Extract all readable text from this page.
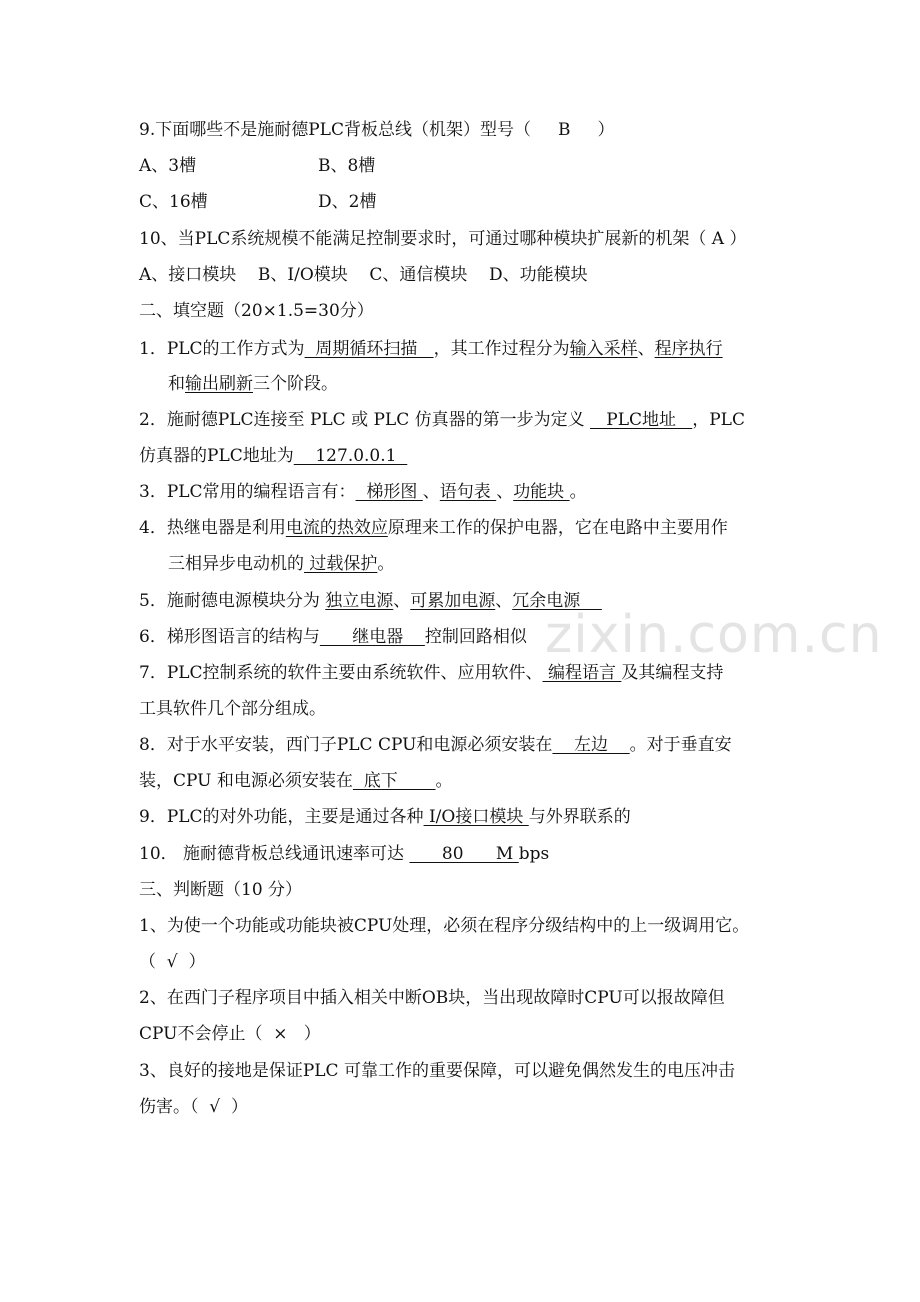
zixin.com.cn
9.下面哪些不是施耐德PLC背板总线（机架）型号（     B     ）
A、3槽	B、8槽
C、16槽	D、2槽
10、当PLC系统规模不能满足控制要求时，可通过哪种模块扩展新的机架（ A ）
A、接口模块    B、I/O模块    C、通信模块    D、功能模块
二、填空题（20×1.5=30分）
1．PLC的工作方式为  周期循环扫描   ，其工作过程分为输入采样、程序执行
和输出刷新三个阶段。
2．施耐德PLC连接至 PLC 或 PLC 仿真器的第一步为定义    PLC地址   ，PLC
仿真器的PLC地址为    127.0.0.1
3．PLC常用的编程语言有：  梯形图 、语句表 、功能块 。
4．热继电器是利用电流的热效应原理来工作的保护电器，它在电路中主要用作
三相异步电动机的 过载保护。
5．施耐德电源模块分为 独立电源、可累加电源、冗余电源
6．梯形图语言的结构与      继电器    控制回路相似
7．PLC控制系统的软件主要由系统软件、应用软件、 编程语言 及其编程支持
工具软件几个部分组成。
8．对于水平安装，西门子PLC CPU和电源必须安装在    左边    。对于垂直安
装，CPU 和电源必须安装在  底下       。
9．PLC的对外功能，主要是通过各种 I/O接口模块 与外界联系的
10． 施耐德背板总线通讯速率可达       80      M bps
三、判断题（10 分）
1、为使一个功能或功能块被CPU处理，必须在程序分级结构中的上一级调用它。
（  √  ）
2、在西门子程序项目中插入相关中断OB块，当出现故障时CPU可以报故障但
CPU不会停止（  ×   ）
3、良好的接地是保证PLC 可靠工作的重要保障，可以避免偶然发生的电压冲击
伤害。（  √  ）
